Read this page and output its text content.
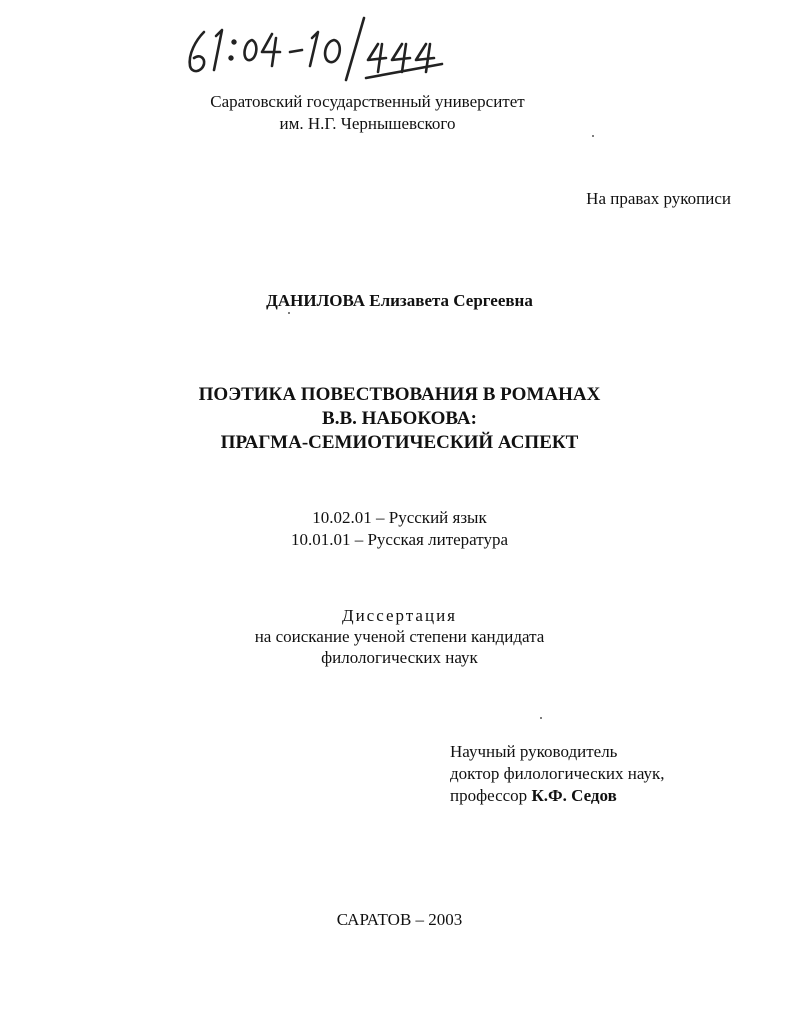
Саратовский государственный университет
им. Н.Г. Чернышевского
На правах рукописи
ДАНИЛОВА Елизавета Сергеевна
ПОЭТИКА ПОВЕСТВОВАНИЯ В РОМАНАХ
В.В. НАБОКОВА:
ПРАГМА-СЕМИОТИЧЕСКИЙ АСПЕКТ
10.02.01 – Русский язык
10.01.01 – Русская литература
Диссертация
на соискание ученой степени кандидата
филологических наук
Научный руководитель
доктор филологических наук,
профессор К.Ф. Седов
САРАТОВ – 2003
